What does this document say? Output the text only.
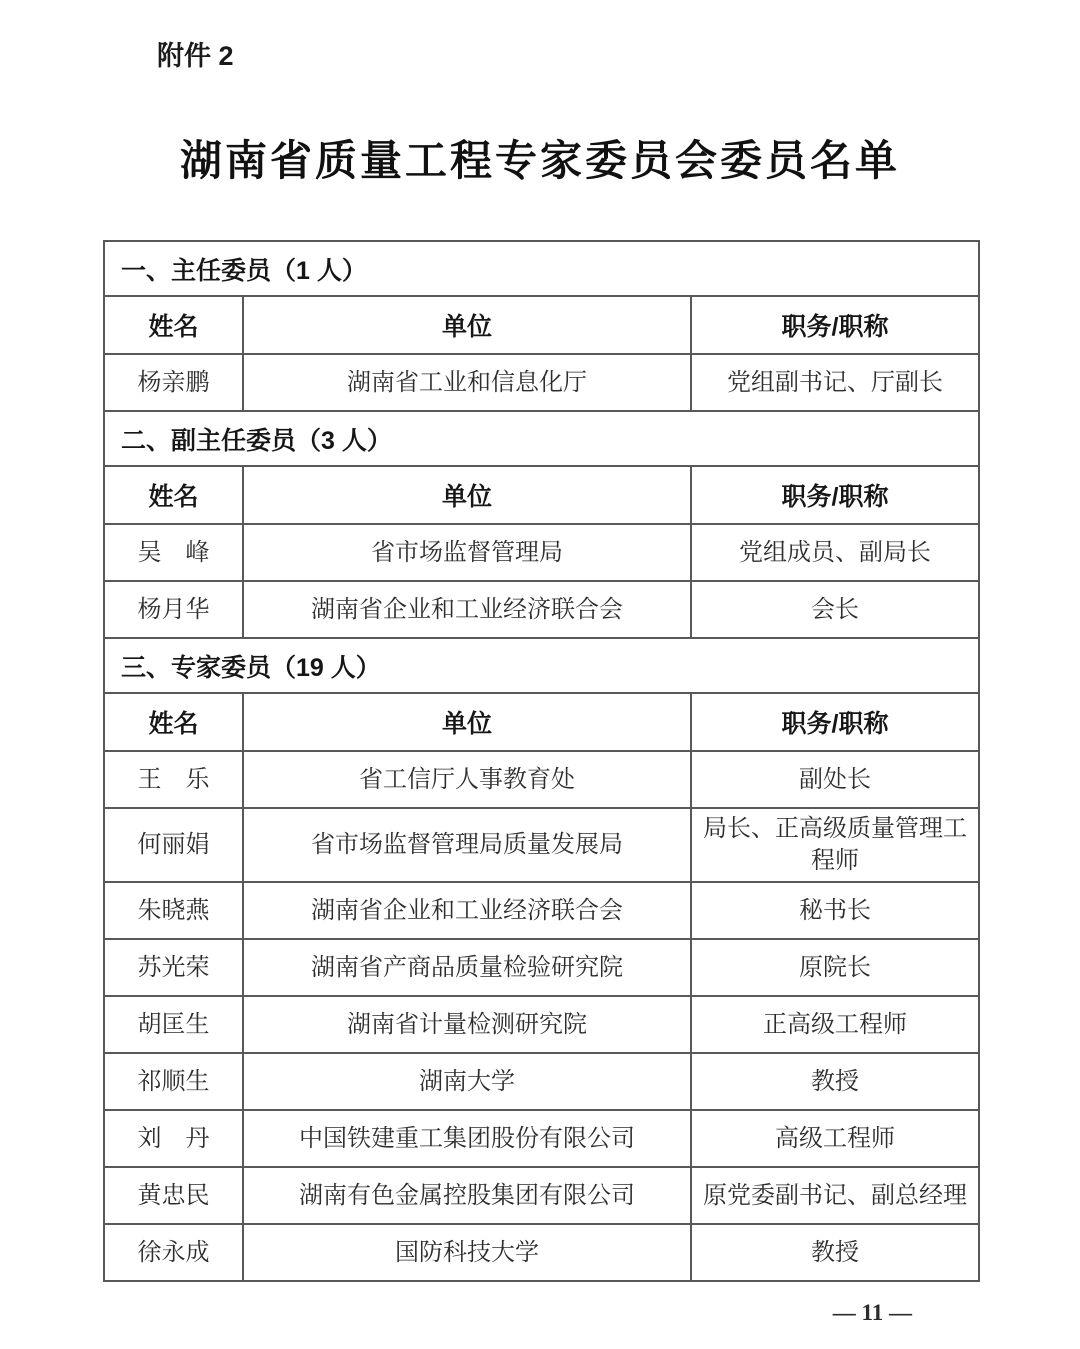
附件 2
湖南省质量工程专家委员会委员名单
一、主任委员（1 人）		
姓名	单位	职务/职称
杨亲鹏	湖南省工业和信息化厅	党组副书记、厅副长
二、副主任委员（3 人）		
姓名	单位	职务/职称
吴　峰	省市场监督管理局	党组成员、副局长
杨月华	湖南省企业和工业经济联合会	会长
三、专家委员（19 人）		
姓名	单位	职务/职称
王　乐	省工信厅人事教育处	副处长
何丽娟	省市场监督管理局质量发展局	局长、正高级质量管理工程师
朱晓燕	湖南省企业和工业经济联合会	秘书长
苏光荣	湖南省产商品质量检验研究院	原院长
胡匡生	湖南省计量检测研究院	正高级工程师
祁顺生	湖南大学	教授
刘　丹	中国铁建重工集团股份有限公司	高级工程师
黄忠民	湖南有色金属控股集团有限公司	原党委副书记、副总经理
徐永成	国防科技大学	教授
— 11 —
